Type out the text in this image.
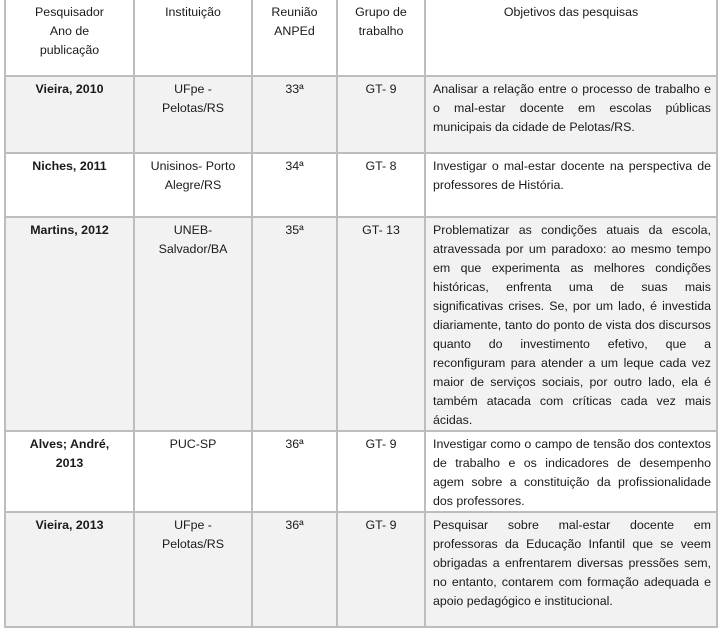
Pesquisador Ano de publicação	Instituição	Reunião ANPEd	Grupo de trabalho	Objetivos das pesquisas
Vieira, 2010	UFpe - Pelotas/RS	33ª	GT- 9	Analisar a relação entre o processo de trabalho e o mal-estar docente em escolas públicas municipais da cidade de Pelotas/RS.
Niches, 2011	Unisinos- Porto Alegre/RS	34ª	GT- 8	Investigar o mal-estar docente na perspectiva de professores de História.
Martins, 2012	UNEB- Salvador/BA	35ª	GT- 13	Problematizar as condições atuais da escola, atravessada por um paradoxo: ao mesmo tempo em que experimenta as melhores condições históricas, enfrenta uma de suas mais significativas crises. Se, por um lado, é investida diariamente, tanto do ponto de vista dos discursos quanto do investimento efetivo, que a reconfiguram para atender a um leque cada vez maior de serviços sociais, por outro lado, ela é também atacada com críticas cada vez mais ácidas.

Alves; André, 2013	PUC-SP	36ª	GT- 9	Investigar como o campo de tensão dos contextos de trabalho e os indicadores de desempenho agem sobre a constituição da profissionalidade dos professores.
Vieira, 2013	UFpe - Pelotas/RS	36ª	GT- 9	Pesquisar sobre mal-estar docente em professoras da Educação Infantil que se veem obrigadas a enfrentarem diversas pressões sem, no entanto, contarem com formação adequada e apoio pedagógico e institucional.
